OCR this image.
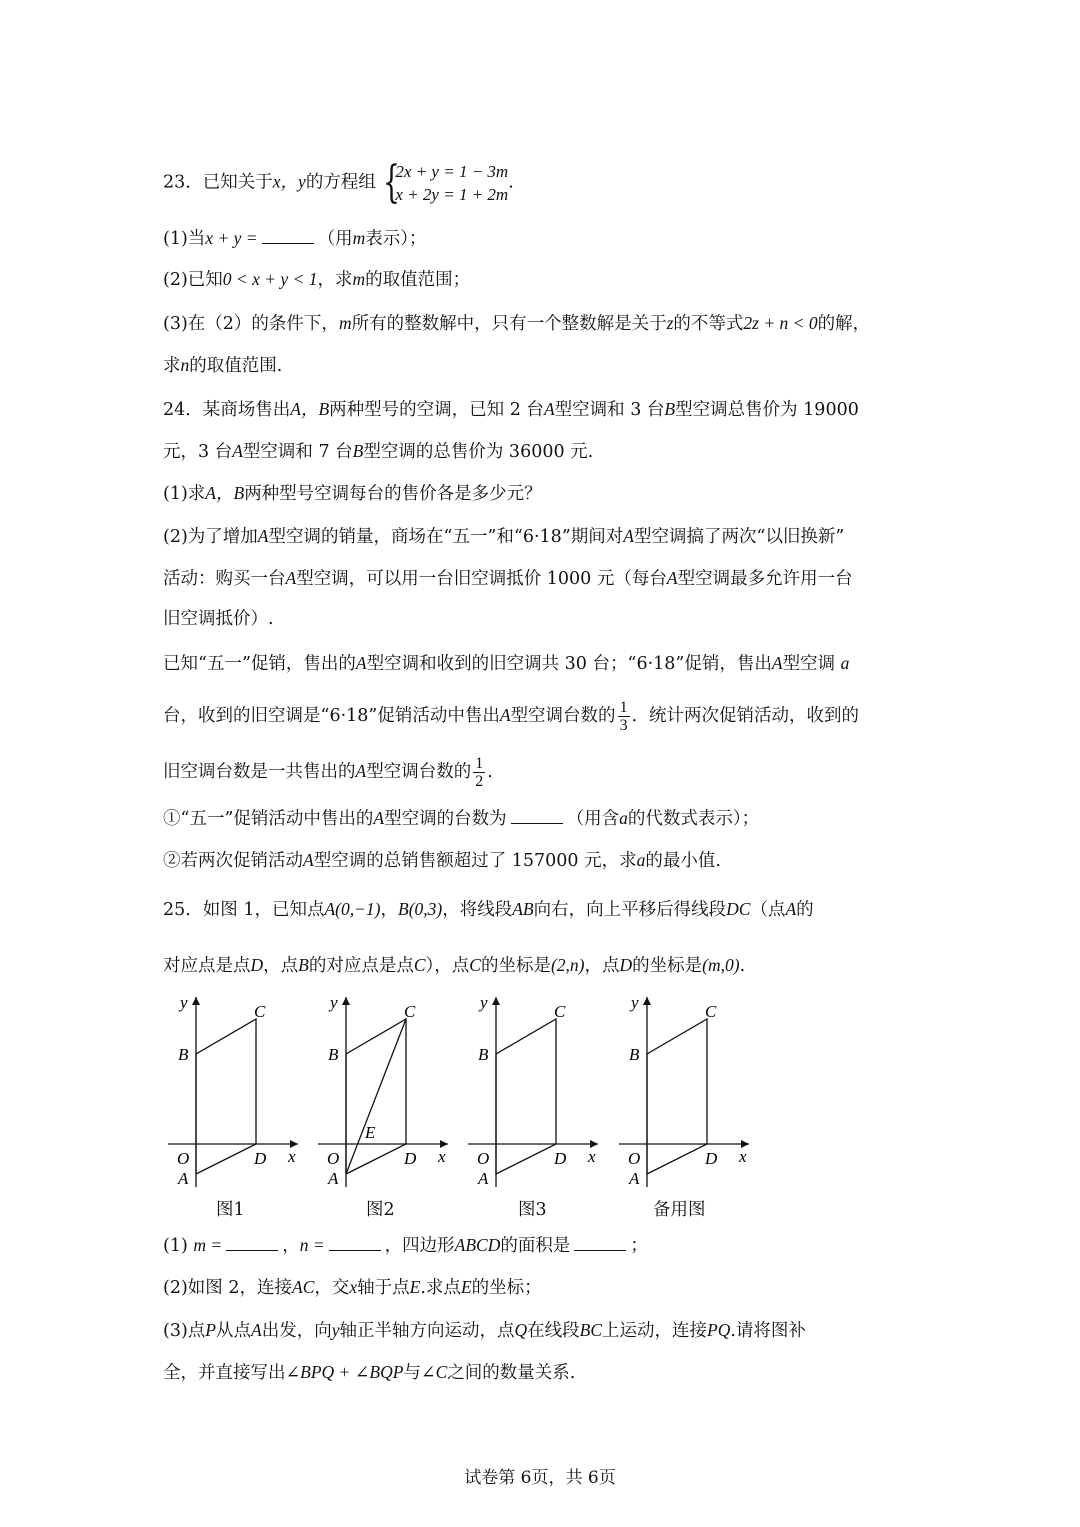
23．已知关于x，y的方程组 {
2x + y = 1 − 3m
x + 2y = 1 + 2m
.
(1)当x + y =	（用m表示）；
(2)已知0 < x + y < 1，求m的取值范围；
(3)在（2）的条件下，m所有的整数解中，只有一个整数解是关于z的不等式2z + n < 0的解，
求n的取值范围.
24．某商场售出A，B两种型号的空调，已知 2 台A型空调和 3 台B型空调总售价为 19000
元，3 台A型空调和 7 台B型空调的总售价为 36000 元.
(1)求A，B两种型号空调每台的售价各是多少元？
(2)为了增加A型空调的销量，商场在“五一”和“6·18”期间对A型空调搞了两次“以旧换新”
活动：购买一台A型空调，可以用一台旧空调抵价 1000 元（每台A型空调最多允许用一台
旧空调抵价）.
已知“五一”促销，售出的A型空调和收到的旧空调共 30 台；“6·18”促销，售出A型空调 a
台，收到的旧空调是“6·18”促销活动中售出A型空调台数的 $\frac{1}{3}$ ．统计两次促销活动，收到的
旧空调台数是一共售出的A型空调台数的 $\frac{1}{2}$ .
①“五一”促销活动中售出的A型空调的台数为	（用含a的代数式表示）；
②若两次促销活动A型空调的总销售额超过了 157000 元，求a的最小值.
25．如图 1，已知点A(0,−1)，B(0,3)，将线段AB向右，向上平移后得线段DC（点A的
对应点是点D，点B的对应点是点C），点C的坐标是(2,n)，点D的坐标是(m,0).
y
x
O
A
B
C
D
图1
y
x
O
A
B
C
D
E
图2
y
x
O
A
B
C
D
图3
y
x
O
A
B
C
D
备用图
(1) m =	，n =	，四边形ABCD的面积是	；
(2)如图 2，连接AC，交x轴于点E.求点E的坐标；
(3)点P从点A出发，向y轴正半轴方向运动，点Q在线段BC上运动，连接PQ.请将图补
全，并直接写出∠BPQ + ∠BQP与∠C之间的数量关系.
试卷第 6页，共 6页
